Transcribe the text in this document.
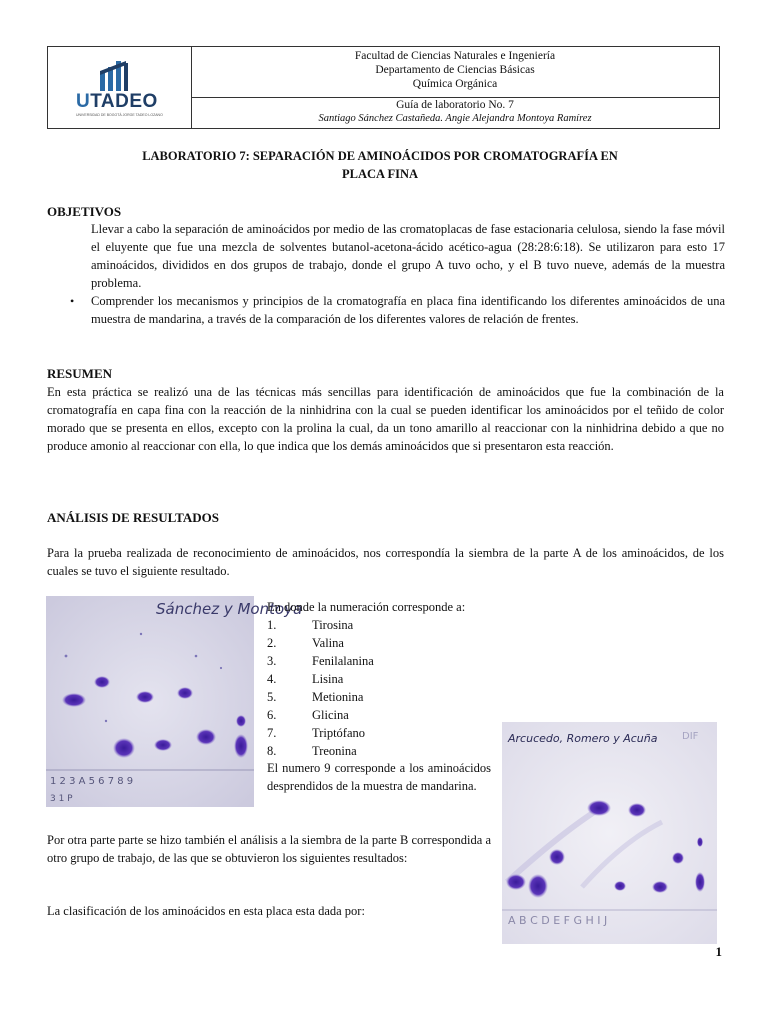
UTADEO
UNIVERSIDAD DE BOGOTÁ JORGE TADEO LOZANO
Facultad de Ciencias Naturales e Ingeniería
Departamento de Ciencias Básicas
Química Orgánica
Guía de laboratorio No. 7
Santiago Sánchez Castañeda. Angie Alejandra Montoya Ramírez
LABORATORIO 7: SEPARACIÓN DE AMINOÁCIDOS POR CROMATOGRAFÍA EN
PLACA FINA
OBJETIVOS
Llevar a cabo la separación de aminoácidos por medio de las cromatoplacas de fase estacionaria celulosa, siendo la fase móvil el eluyente que fue una mezcla de solventes butanol-acetona-ácido acético-agua (28:28:6:18). Se utilizaron para esto 17 aminoácidos, divididos en dos grupos de trabajo, donde el grupo A tuvo ocho, y el B tuvo nueve, además de la muestra problema.
• Comprender los mecanismos y principios de la cromatografía en placa fina identificando los diferentes aminoácidos de una muestra de mandarina, a través de la comparación de los diferentes valores de relación de frentes.
RESUMEN
En esta práctica se realizó una de las técnicas más sencillas para identificación de aminoácidos que fue la combinación de la cromatografía en capa fina con la reacción de la ninhidrina con la cual se pueden identificar los aminoácidos por el teñido de color morado que se presenta en ellos, excepto con la prolina la cual, da un tono amarillo al reaccionar con la ninhidrina debido a que no produce amonio al reaccionar con ella, lo que indica que los demás aminoácidos que si presentaron esta reacción.
ANÁLISIS DE RESULTADOS
Para la prueba realizada de reconocimiento de aminoácidos, nos correspondía la siembra de la parte A de los aminoácidos, de los cuales se tuvo el siguiente resultado.
Sánchez y Montoya
1 2 3 A 5 6 7 8 9
3 1 P
En donde la numeración corresponde a:
1.	Tirosina
2.	Valina
3.	Fenilalanina
4.	Lisina
5.	Metionina
6.	Glicina
7.	Triptófano
8.	Treonina
El numero 9 corresponde a los aminoácidos desprendidos de la muestra de mandarina.
Por otra parte parte se hizo también el análisis a la siembra de la parte B correspondida a otro grupo de trabajo, de las que se obtuvieron los siguientes resultados:
La clasificación de los aminoácidos en esta placa esta dada por:
Arcucedo, Romero y Acuña DIF
A B C D E F G H I J
1
